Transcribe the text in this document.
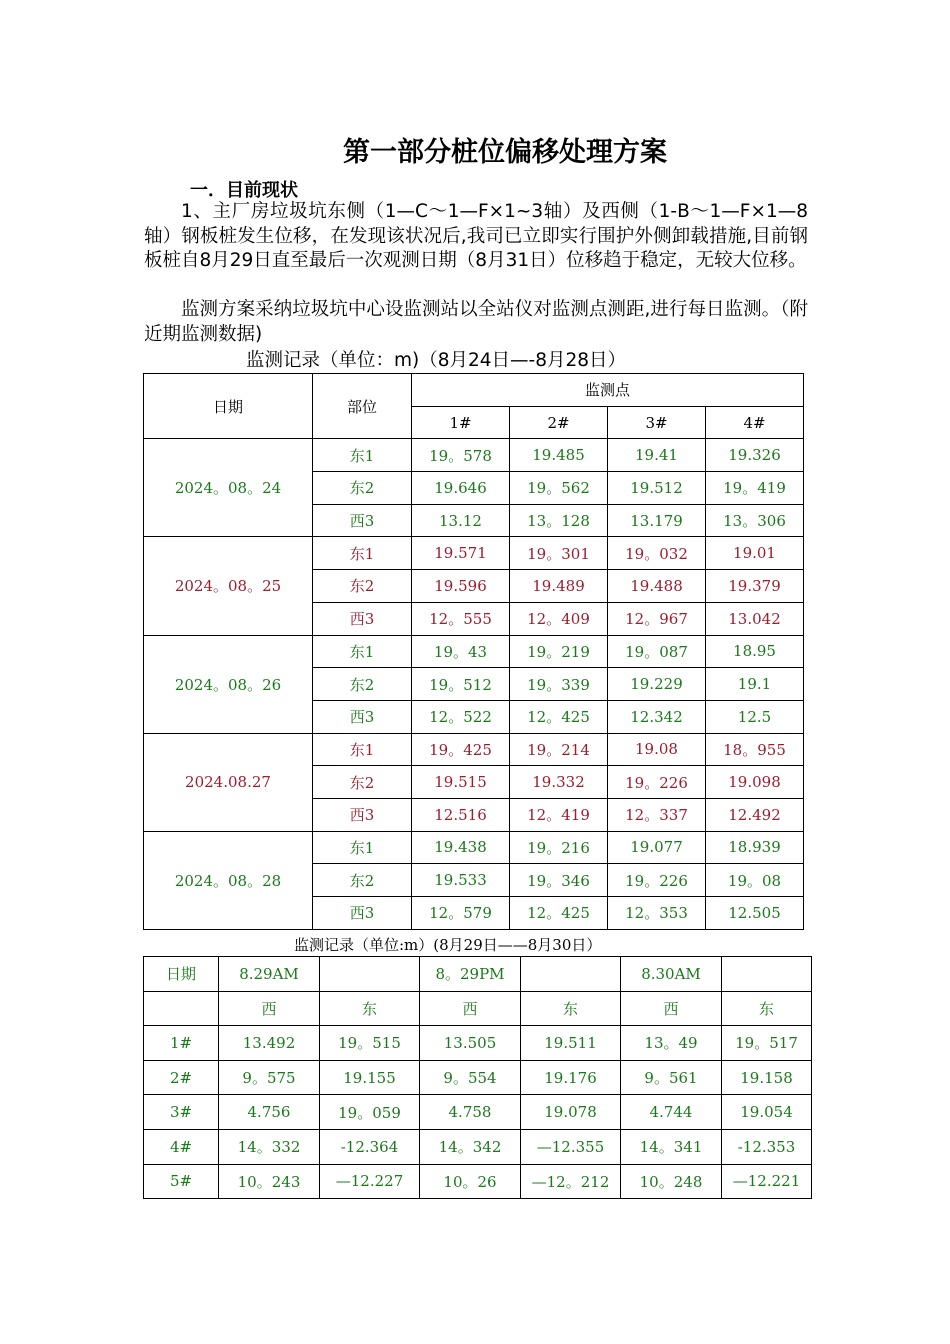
第一部分桩位偏移处理方案
一．目前现状

1、主厂房垃圾坑东侧（1—C～1—F×1~3轴）及西侧（1-B～1—F×1—8轴）钢板桩发生位移，在发现该状况后,我司已立即实行围护外侧卸载措施,目前钢板桩自8月29日直至最后一次观测日期（8月31日）位移趋于稳定，无较大位移。

监测方案采纳垃圾坑中心设监测站以全站仪对监测点测距,进行每日监测。（附近期监测数据)

监测记录（单位：m)（8月24日—-8月28日）
日期	部位	监测点			
		1#	2#	3#	4#
2024。08。24	东1	19。578	19.485	19.41	19.326
	东2	19.646	19。562	19.512	19。419
	西3	13.12	13。128	13.179	13。306
2024。08。25	东1	19.571	19。301	19。032	19.01
	东2	19.596	19.489	19.488	19.379
	西3	12。555	12。409	12。967	13.042
2024。08。26	东1	19。43	19。219	19。087	18.95
	东2	19。512	19。339	19.229	19.1
	西3	12。522	12。425	12.342	12.5
2024.08.27	东1	19。425	19。214	19.08	18。955
	东2	19.515	19.332	19。226	19.098
	西3	12.516	12。419	12。337	12.492
2024。08。28	东1	19.438	19。216	19.077	18.939
	东2	19.533	19。346	19。226	19。08
	西3	12。579	12。425	12。353	12.505
监测记录（单位:m）(8月29日——8月30日）
日期	8.29AM		8。29PM		8.30AM	
	西	东	西	东	西	东
1#	13.492	19。515	13.505	19.511	13。49	19。517
2#	9。575	19.155	9。554	19.176	9。561	19.158
3#	4.756	19。059	4.758	19.078	4.744	19.054
4#	14。332	-12.364	14。342	—12.355	14。341	-12.353
5#	10。243	—12.227	10。26	—12。212	10。248	—12.221
